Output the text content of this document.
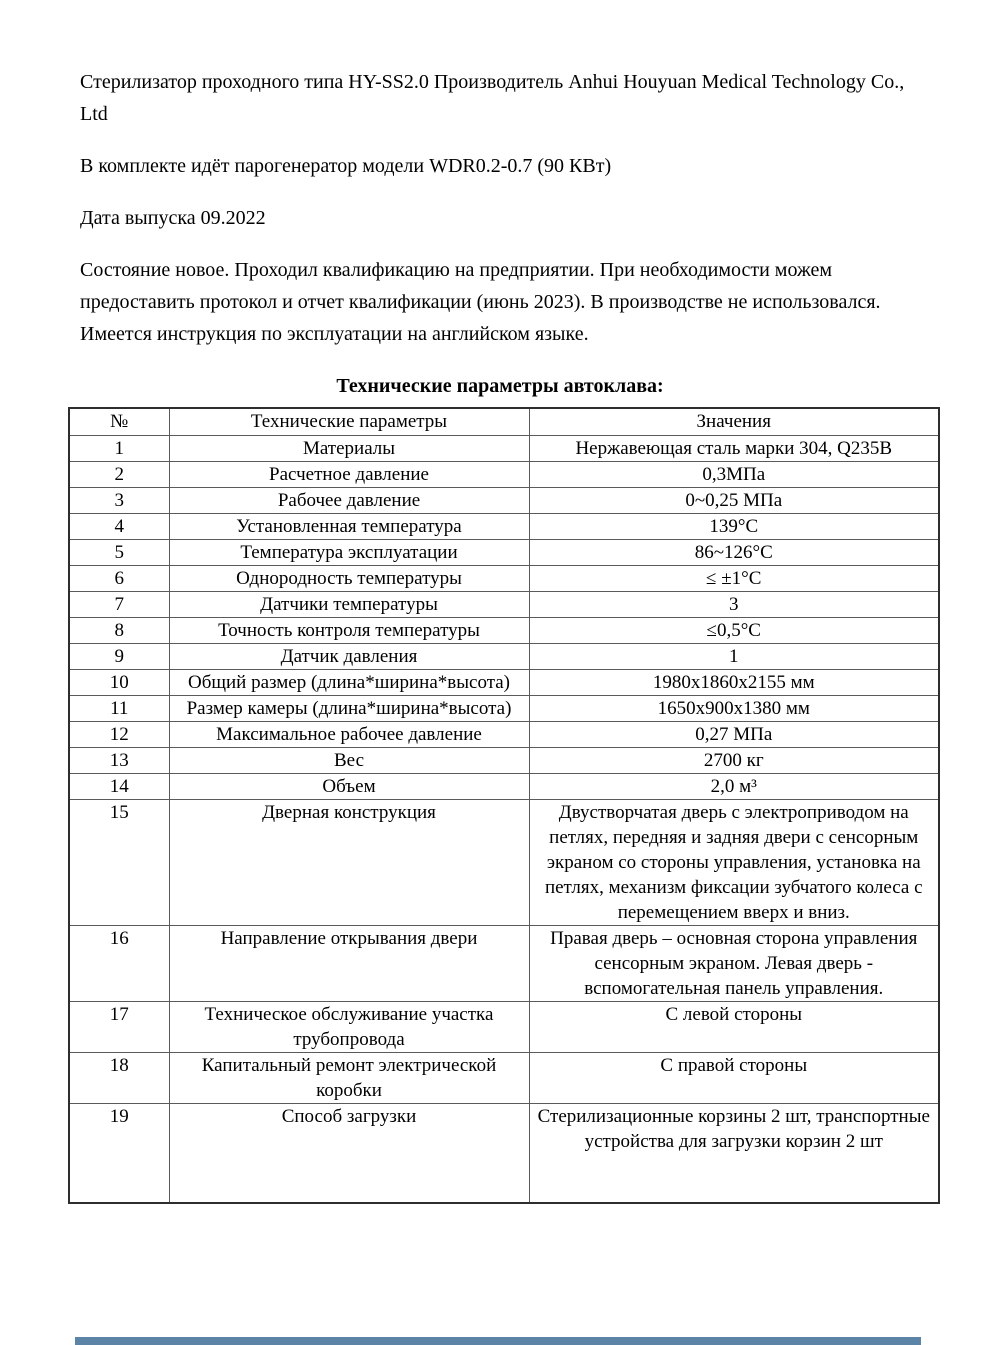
Стерилизатор проходного типа HY-SS2.0 Производитель Anhui Houyuan Medical Technology Co., Ltd

В комплекте идёт парогенератор модели WDR0.2-0.7 (90 КВт)

Дата выпуска 09.2022

Состояние новое. Проходил квалификацию на предприятии. При необходимости можем предоставить протокол и отчет квалификации (июнь 2023). В производстве не использовался. Имеется инструкция по эксплуатации на английском языке.

Технические параметры автоклава:
№	Технические параметры	Значения
1	Материалы	Нержавеющая сталь марки 304, Q235B
2	Расчетное давление	0,3МПа
3	Рабочее давление	0~0,25 МПа
4	Установленная температура	139°C
5	Температура эксплуатации	86~126°C
6	Однородность температуры	≤ ±1°C
7	Датчики температуры	3
8	Точность контроля температуры	≤0,5°C
9	Датчик давления	1
10	Общий размер (длина*ширина*высота)	1980х1860х2155 мм
11	Размер камеры (длина*ширина*высота)	1650х900х1380 мм
12	Максимальное рабочее давление	0,27 МПа
13	Вес	2700 кг
14	Объем	2,0 м³
15	Дверная конструкция	Двустворчатая дверь с электроприводом на петлях, передняя и задняя двери с сенсорным экраном со стороны управления, установка на петлях, механизм фиксации зубчатого колеса с перемещением вверх и вниз.
16	Направление открывания двери	Правая дверь – основная сторона управления сенсорным экраном. Левая дверь - вспомогательная панель управления.
17	Техническое обслуживание участка трубопровода	С левой стороны
18	Капитальный ремонт электрической коробки	С правой стороны
19	Способ загрузки	Стерилизационные корзины 2 шт, транспортные устройства для загрузки корзин 2 шт
